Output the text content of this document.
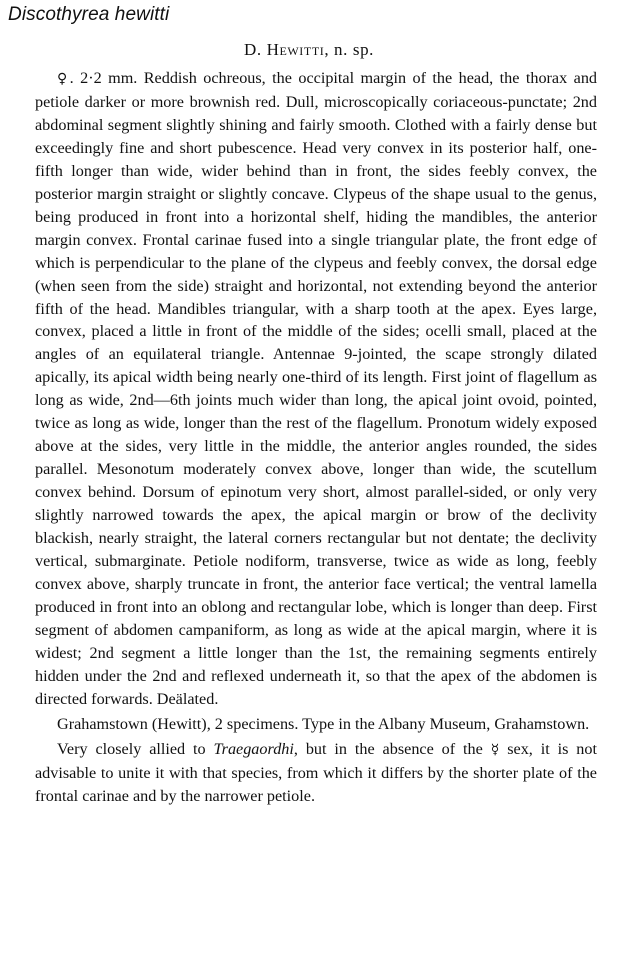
Discothyrea hewitti
D. Hewitti, n. sp.

♀. 2·2 mm. Reddish ochreous, the occipital margin of the head, the thorax and petiole darker or more brownish red. Dull, microscopically coriaceous-punctate; 2nd abdominal segment slightly shining and fairly smooth. Clothed with a fairly dense but exceedingly fine and short pubescence. Head very convex in its posterior half, one-fifth longer than wide, wider behind than in front, the sides feebly convex, the posterior margin straight or slightly concave. Clypeus of the shape usual to the genus, being produced in front into a horizontal shelf, hiding the mandibles, the anterior margin convex. Frontal carinae fused into a single triangular plate, the front edge of which is perpendicular to the plane of the clypeus and feebly convex, the dorsal edge (when seen from the side) straight and horizontal, not extending beyond the anterior fifth of the head. Mandibles triangular, with a sharp tooth at the apex. Eyes large, convex, placed a little in front of the middle of the sides; ocelli small, placed at the angles of an equilateral triangle. Antennae 9-jointed, the scape strongly dilated apically, its apical width being nearly one-third of its length. First joint of flagellum as long as wide, 2nd—6th joints much wider than long, the apical joint ovoid, pointed, twice as long as wide, longer than the rest of the flagellum. Pronotum widely exposed above at the sides, very little in the middle, the anterior angles rounded, the sides parallel. Mesonotum moderately convex above, longer than wide, the scutellum convex behind. Dorsum of epinotum very short, almost parallel-sided, or only very slightly narrowed towards the apex, the apical margin or brow of the declivity blackish, nearly straight, the lateral corners rectangular but not dentate; the declivity vertical, submarginate. Petiole nodiform, transverse, twice as wide as long, feebly convex above, sharply truncate in front, the anterior face vertical; the ventral lamella produced in front into an oblong and rectangular lobe, which is longer than deep. First segment of abdomen campaniform, as long as wide at the apical margin, where it is widest; 2nd segment a little longer than the 1st, the remaining segments entirely hidden under the 2nd and reflexed underneath it, so that the apex of the abdomen is directed forwards. Deälated.

Grahamstown (Hewitt), 2 specimens. Type in the Albany Museum, Grahamstown.

Very closely allied to Traegaordhi, but in the absence of the ☿ sex, it is not advisable to unite it with that species, from which it differs by the shorter plate of the frontal carinae and by the narrower petiole.
